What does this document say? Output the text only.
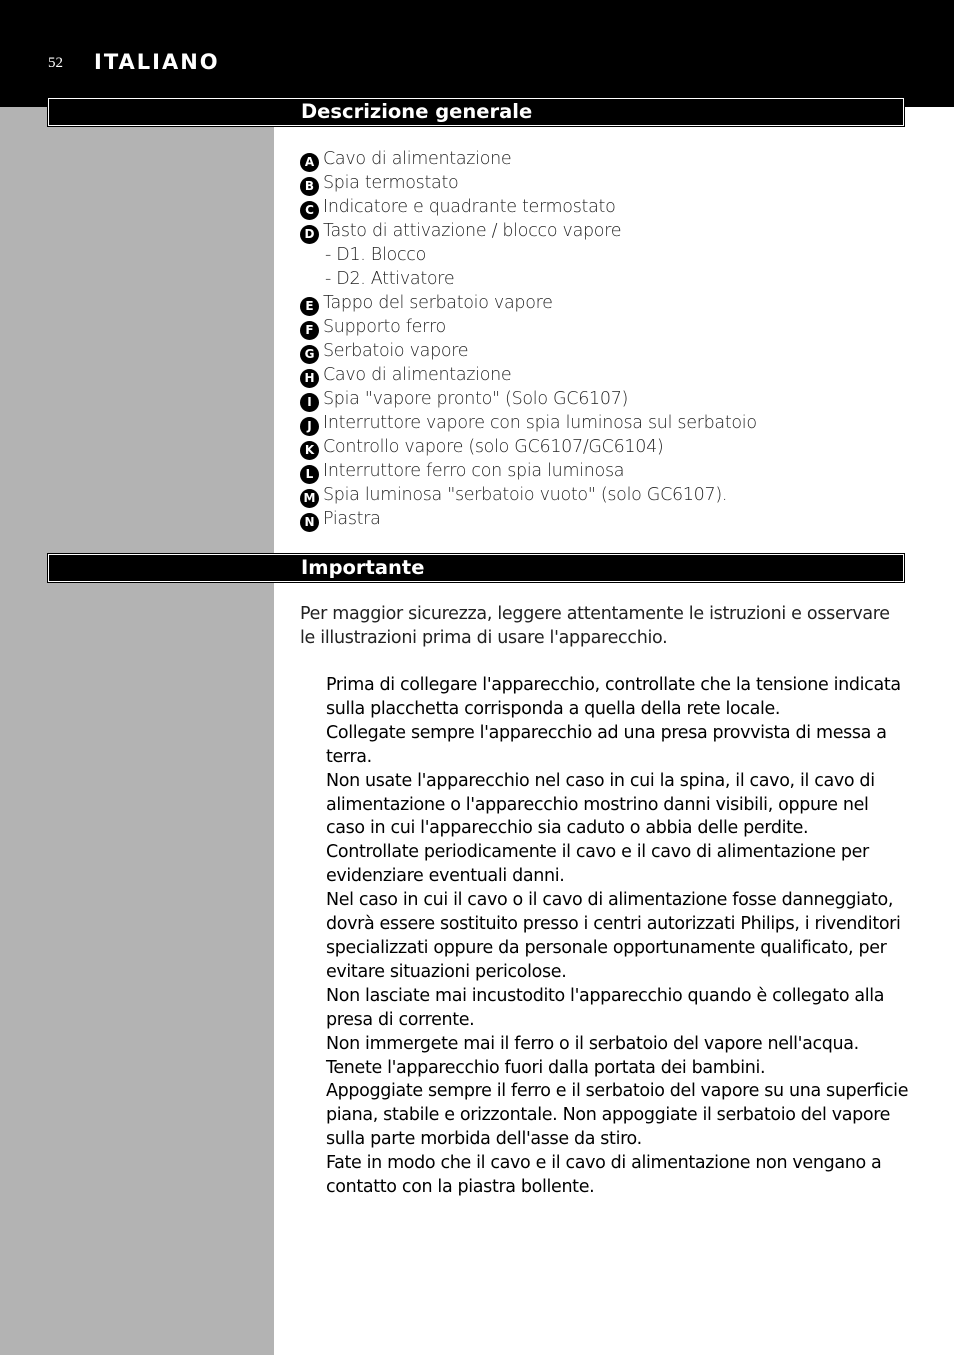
52 ITALIANO
Descrizione generale
A Cavo di alimentazione
B Spia termostato
C Indicatore e quadrante termostato
D Tasto di attivazione / blocco vapore
- D1. Blocco
- D2. Attivatore
E Tappo del serbatoio vapore
F Supporto ferro
G Serbatoio vapore
H Cavo di alimentazione
I Spia "vapore pronto" (Solo GC6107)
J Interruttore vapore con spia luminosa sul serbatoio
K Controllo vapore (solo GC6107/GC6104)
L Interruttore ferro con spia luminosa
M Spia luminosa "serbatoio vuoto" (solo GC6107).
N Piastra
Importante

Per maggior sicurezza, leggere attentamente le istruzioni e osservare le illustrazioni prima di usare l'apparecchio.

Prima di collegare l'apparecchio, controllate che la tensione indicata sulla placchetta corrisponda a quella della rete locale.
Collegate sempre l'apparecchio ad una presa provvista di messa a terra.
Non usate l'apparecchio nel caso in cui la spina, il cavo, il cavo di alimentazione o l'apparecchio mostrino danni visibili, oppure nel caso in cui l'apparecchio sia caduto o abbia delle perdite.
Controllate periodicamente il cavo e il cavo di alimentazione per evidenziare eventuali danni.
Nel caso in cui il cavo o il cavo di alimentazione fosse danneggiato, dovrà essere sostituito presso i centri autorizzati Philips, i rivenditori specializzati oppure da personale opportunamente qualificato, per evitare situazioni pericolose.
Non lasciate mai incustodito l'apparecchio quando è collegato alla presa di corrente.
Non immergete mai il ferro o il serbatoio del vapore nell'acqua.
Tenete l'apparecchio fuori dalla portata dei bambini.
Appoggiate sempre il ferro e il serbatoio del vapore su una superficie piana, stabile e orizzontale. Non appoggiate il serbatoio del vapore sulla parte morbida dell'asse da stiro.
Fate in modo che il cavo e il cavo di alimentazione non vengano a contatto con la piastra bollente.
